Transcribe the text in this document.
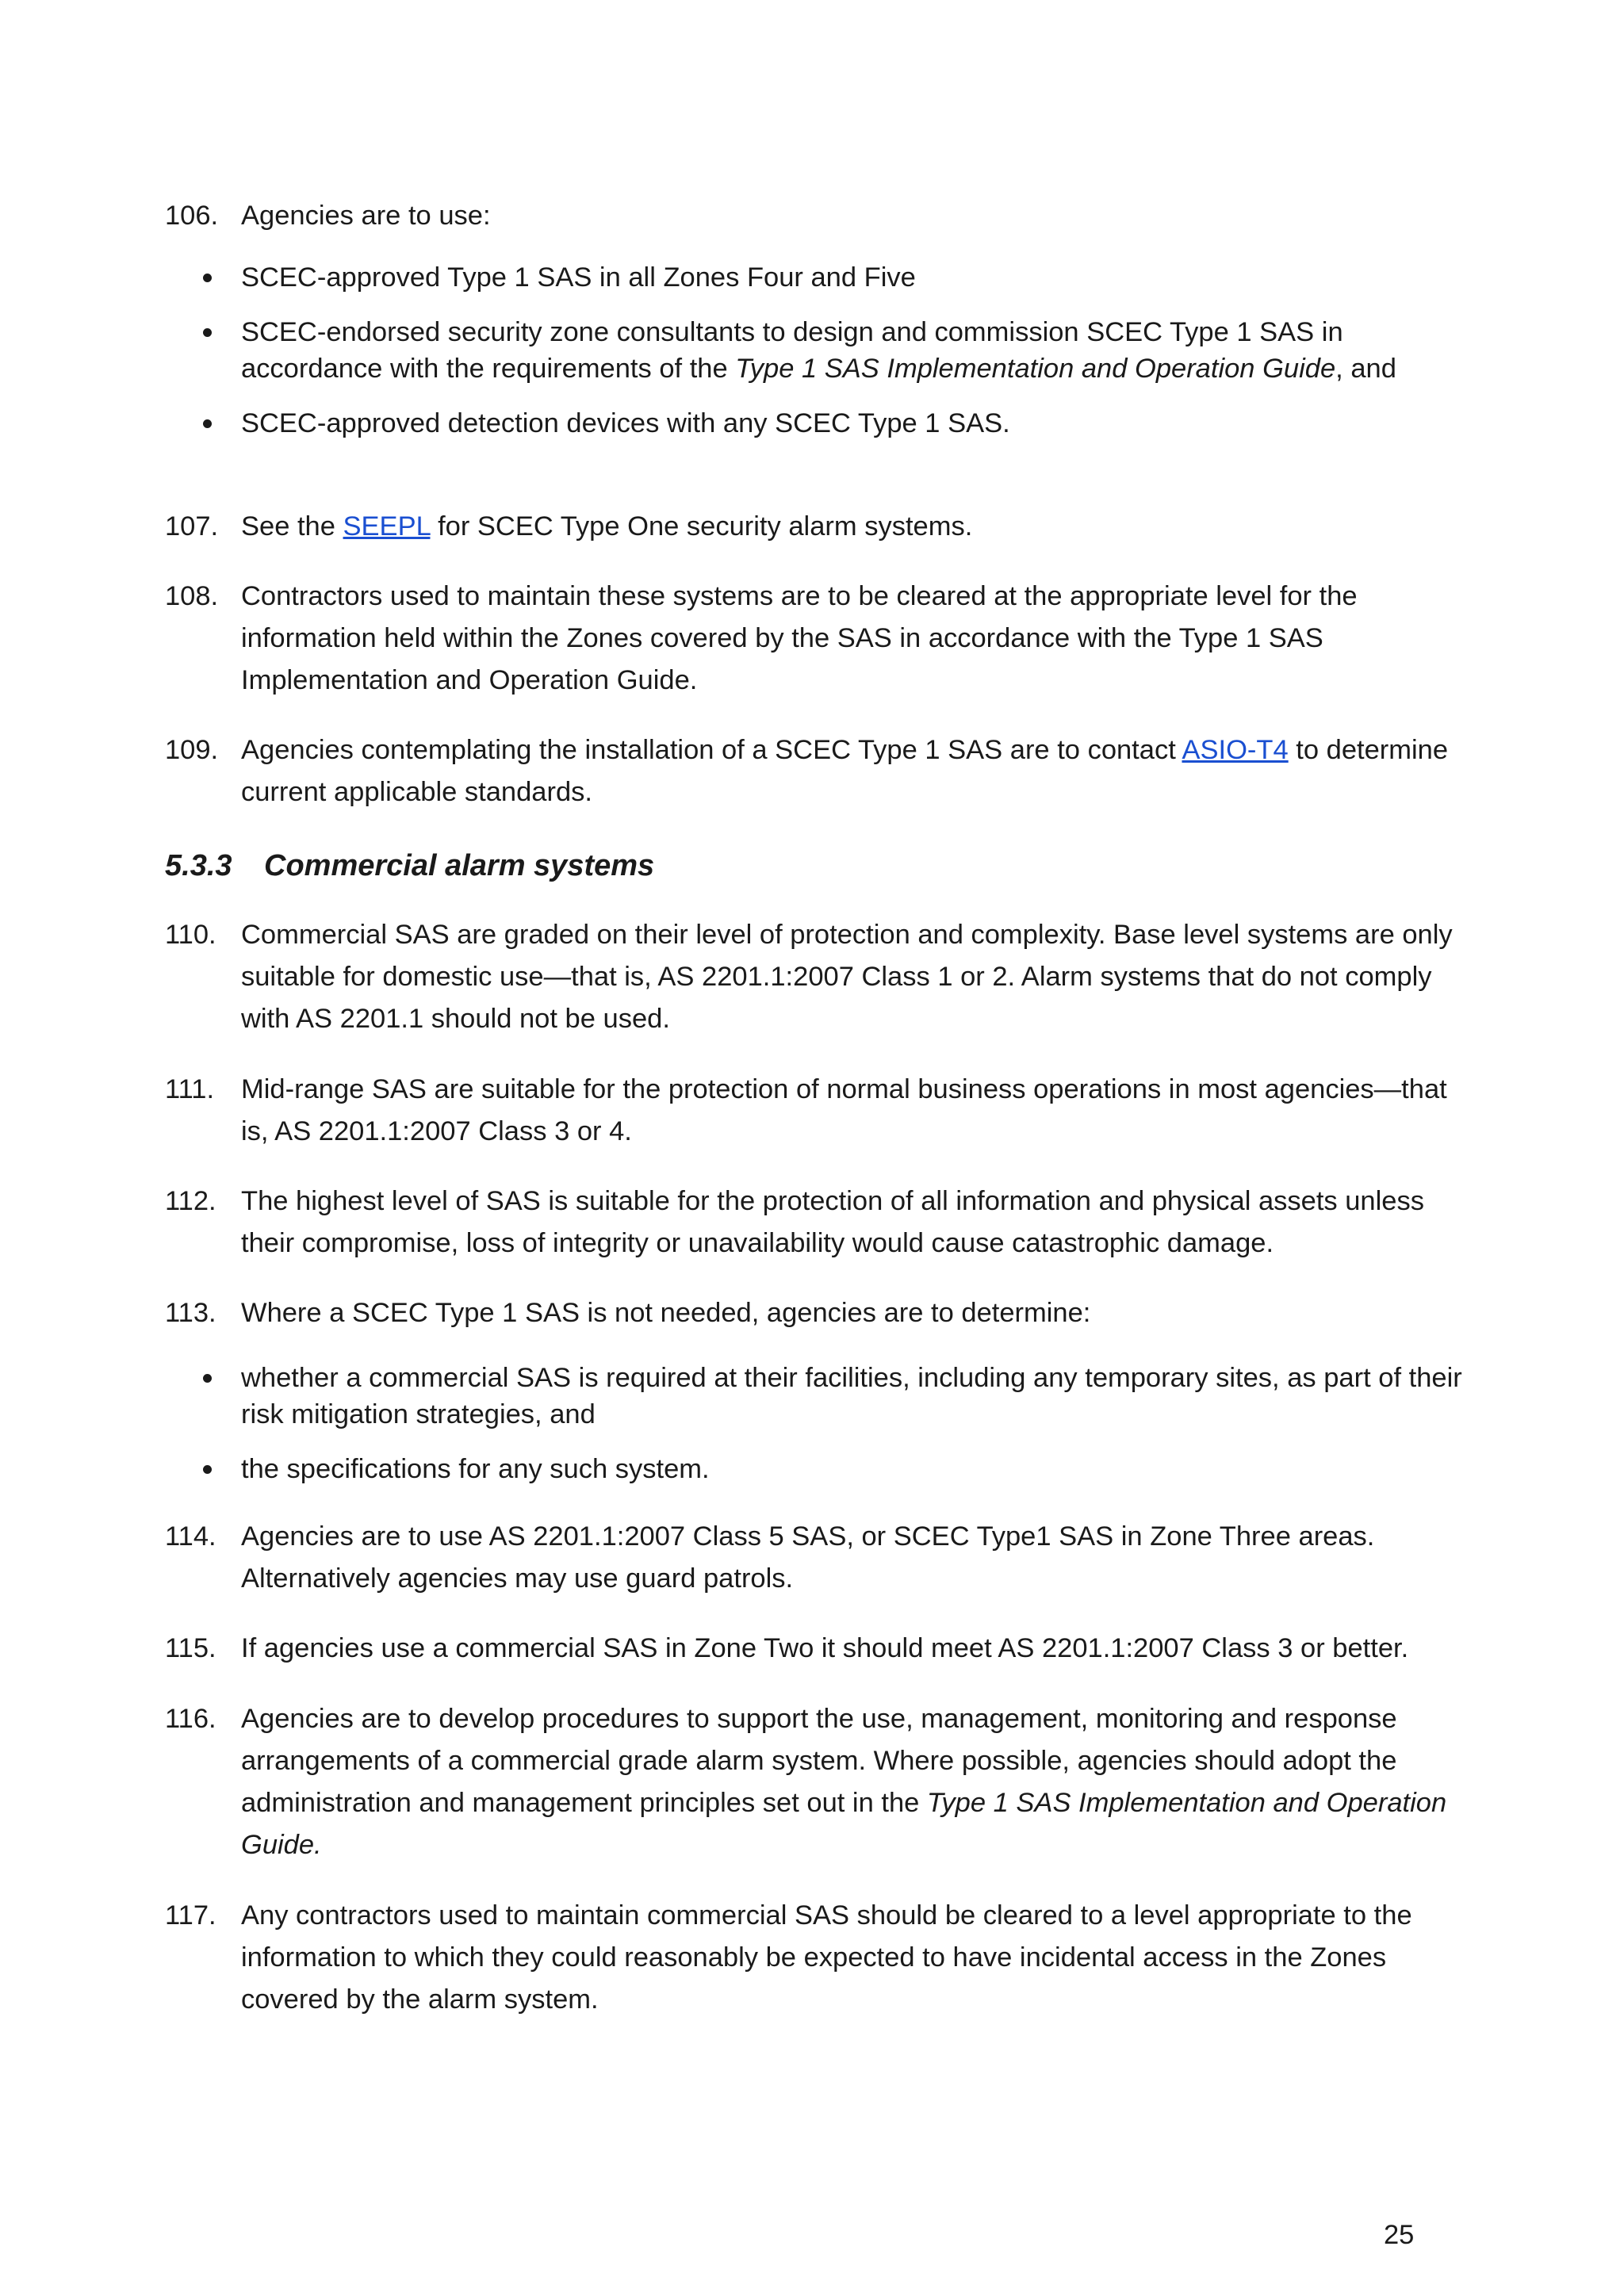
106. Agencies are to use:
SCEC-approved Type 1 SAS in all Zones Four and Five
SCEC-endorsed security zone consultants to design and commission SCEC Type 1 SAS in accordance with the requirements of the Type 1 SAS Implementation and Operation Guide, and
SCEC-approved detection devices with any SCEC Type 1 SAS.
107. See the SEEPL for SCEC Type One security alarm systems.
108. Contractors used to maintain these systems are to be cleared at the appropriate level for the information held within the Zones covered by the SAS in accordance with the Type 1 SAS Implementation and Operation Guide.
109. Agencies contemplating the installation of a SCEC Type 1 SAS are to contact ASIO-T4 to determine current applicable standards.
5.3.3 Commercial alarm systems
110. Commercial SAS are graded on their level of protection and complexity. Base level systems are only suitable for domestic use—that is, AS 2201.1:2007 Class 1 or 2. Alarm systems that do not comply with AS 2201.1 should not be used.
111. Mid-range SAS are suitable for the protection of normal business operations in most agencies—that is, AS 2201.1:2007 Class 3 or 4.
112. The highest level of SAS is suitable for the protection of all information and physical assets unless their compromise, loss of integrity or unavailability would cause catastrophic damage.
113. Where a SCEC Type 1 SAS is not needed, agencies are to determine:
whether a commercial SAS is required at their facilities, including any temporary sites, as part of their risk mitigation strategies, and
the specifications for any such system.
114. Agencies are to use AS 2201.1:2007 Class 5 SAS, or SCEC Type1 SAS in Zone Three areas. Alternatively agencies may use guard patrols.
115. If agencies use a commercial SAS in Zone Two it should meet AS 2201.1:2007 Class 3 or better.
116. Agencies are to develop procedures to support the use, management, monitoring and response arrangements of a commercial grade alarm system. Where possible, agencies should adopt the administration and management principles set out in the Type 1 SAS Implementation and Operation Guide.
117. Any contractors used to maintain commercial SAS should be cleared to a level appropriate to the information to which they could reasonably be expected to have incidental access in the Zones covered by the alarm system.
25
